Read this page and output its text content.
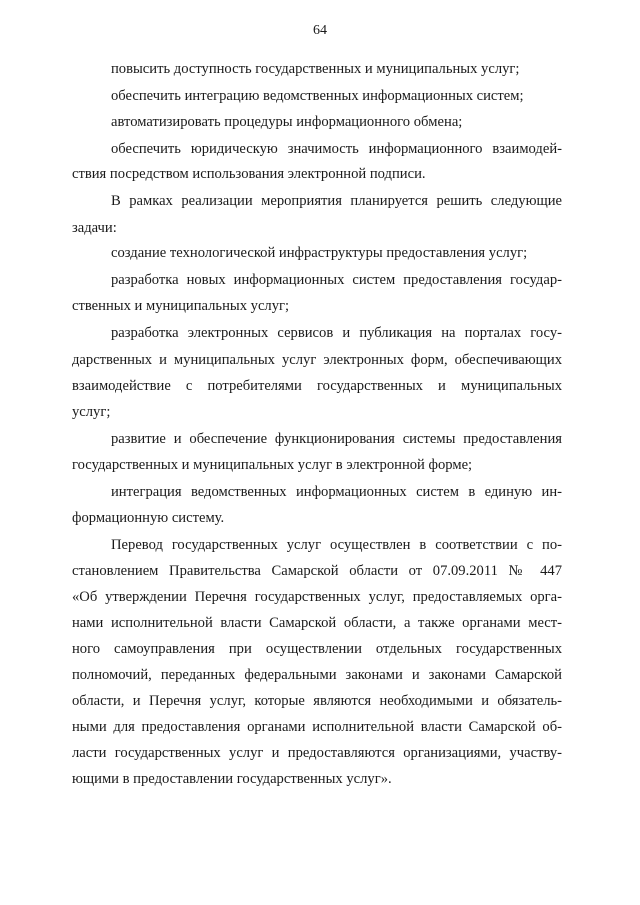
64
повысить доступность государственных и муниципальных услуг;
обеспечить интеграцию ведомственных информационных систем;
автоматизировать процедуры информационного обмена;
обеспечить юридическую значимость информационного взаимодей-
ствия посредством использования электронной подписи.
В рамках реализации мероприятия планируется решить следующие
задачи:
создание технологической инфраструктуры предоставления услуг;
разработка новых информационных систем предоставления государ-
ственных и муниципальных услуг;
разработка электронных сервисов и публикация на порталах госу-
дарственных и муниципальных услуг электронных форм, обеспечивающих
взаимодействие с потребителями государственных и муниципальных
услуг;
развитие и обеспечение функционирования системы предоставления
государственных и муниципальных услуг в электронной форме;
интеграция ведомственных информационных систем в единую ин-
формационную систему.
Перевод государственных услуг осуществлен в соответствии с по-
становлением Правительства Самарской области от 07.09.2011 № 447
«Об утверждении Перечня государственных услуг, предоставляемых орга-
нами исполнительной власти Самарской области, а также органами мест-
ного самоуправления при осуществлении отдельных государственных
полномочий, переданных федеральными законами и законами Самарской
области, и Перечня услуг, которые являются необходимыми и обязатель-
ными для предоставления органами исполнительной власти Самарской об-
ласти государственных услуг и предоставляются организациями, участву-
ющими в предоставлении государственных услуг».
